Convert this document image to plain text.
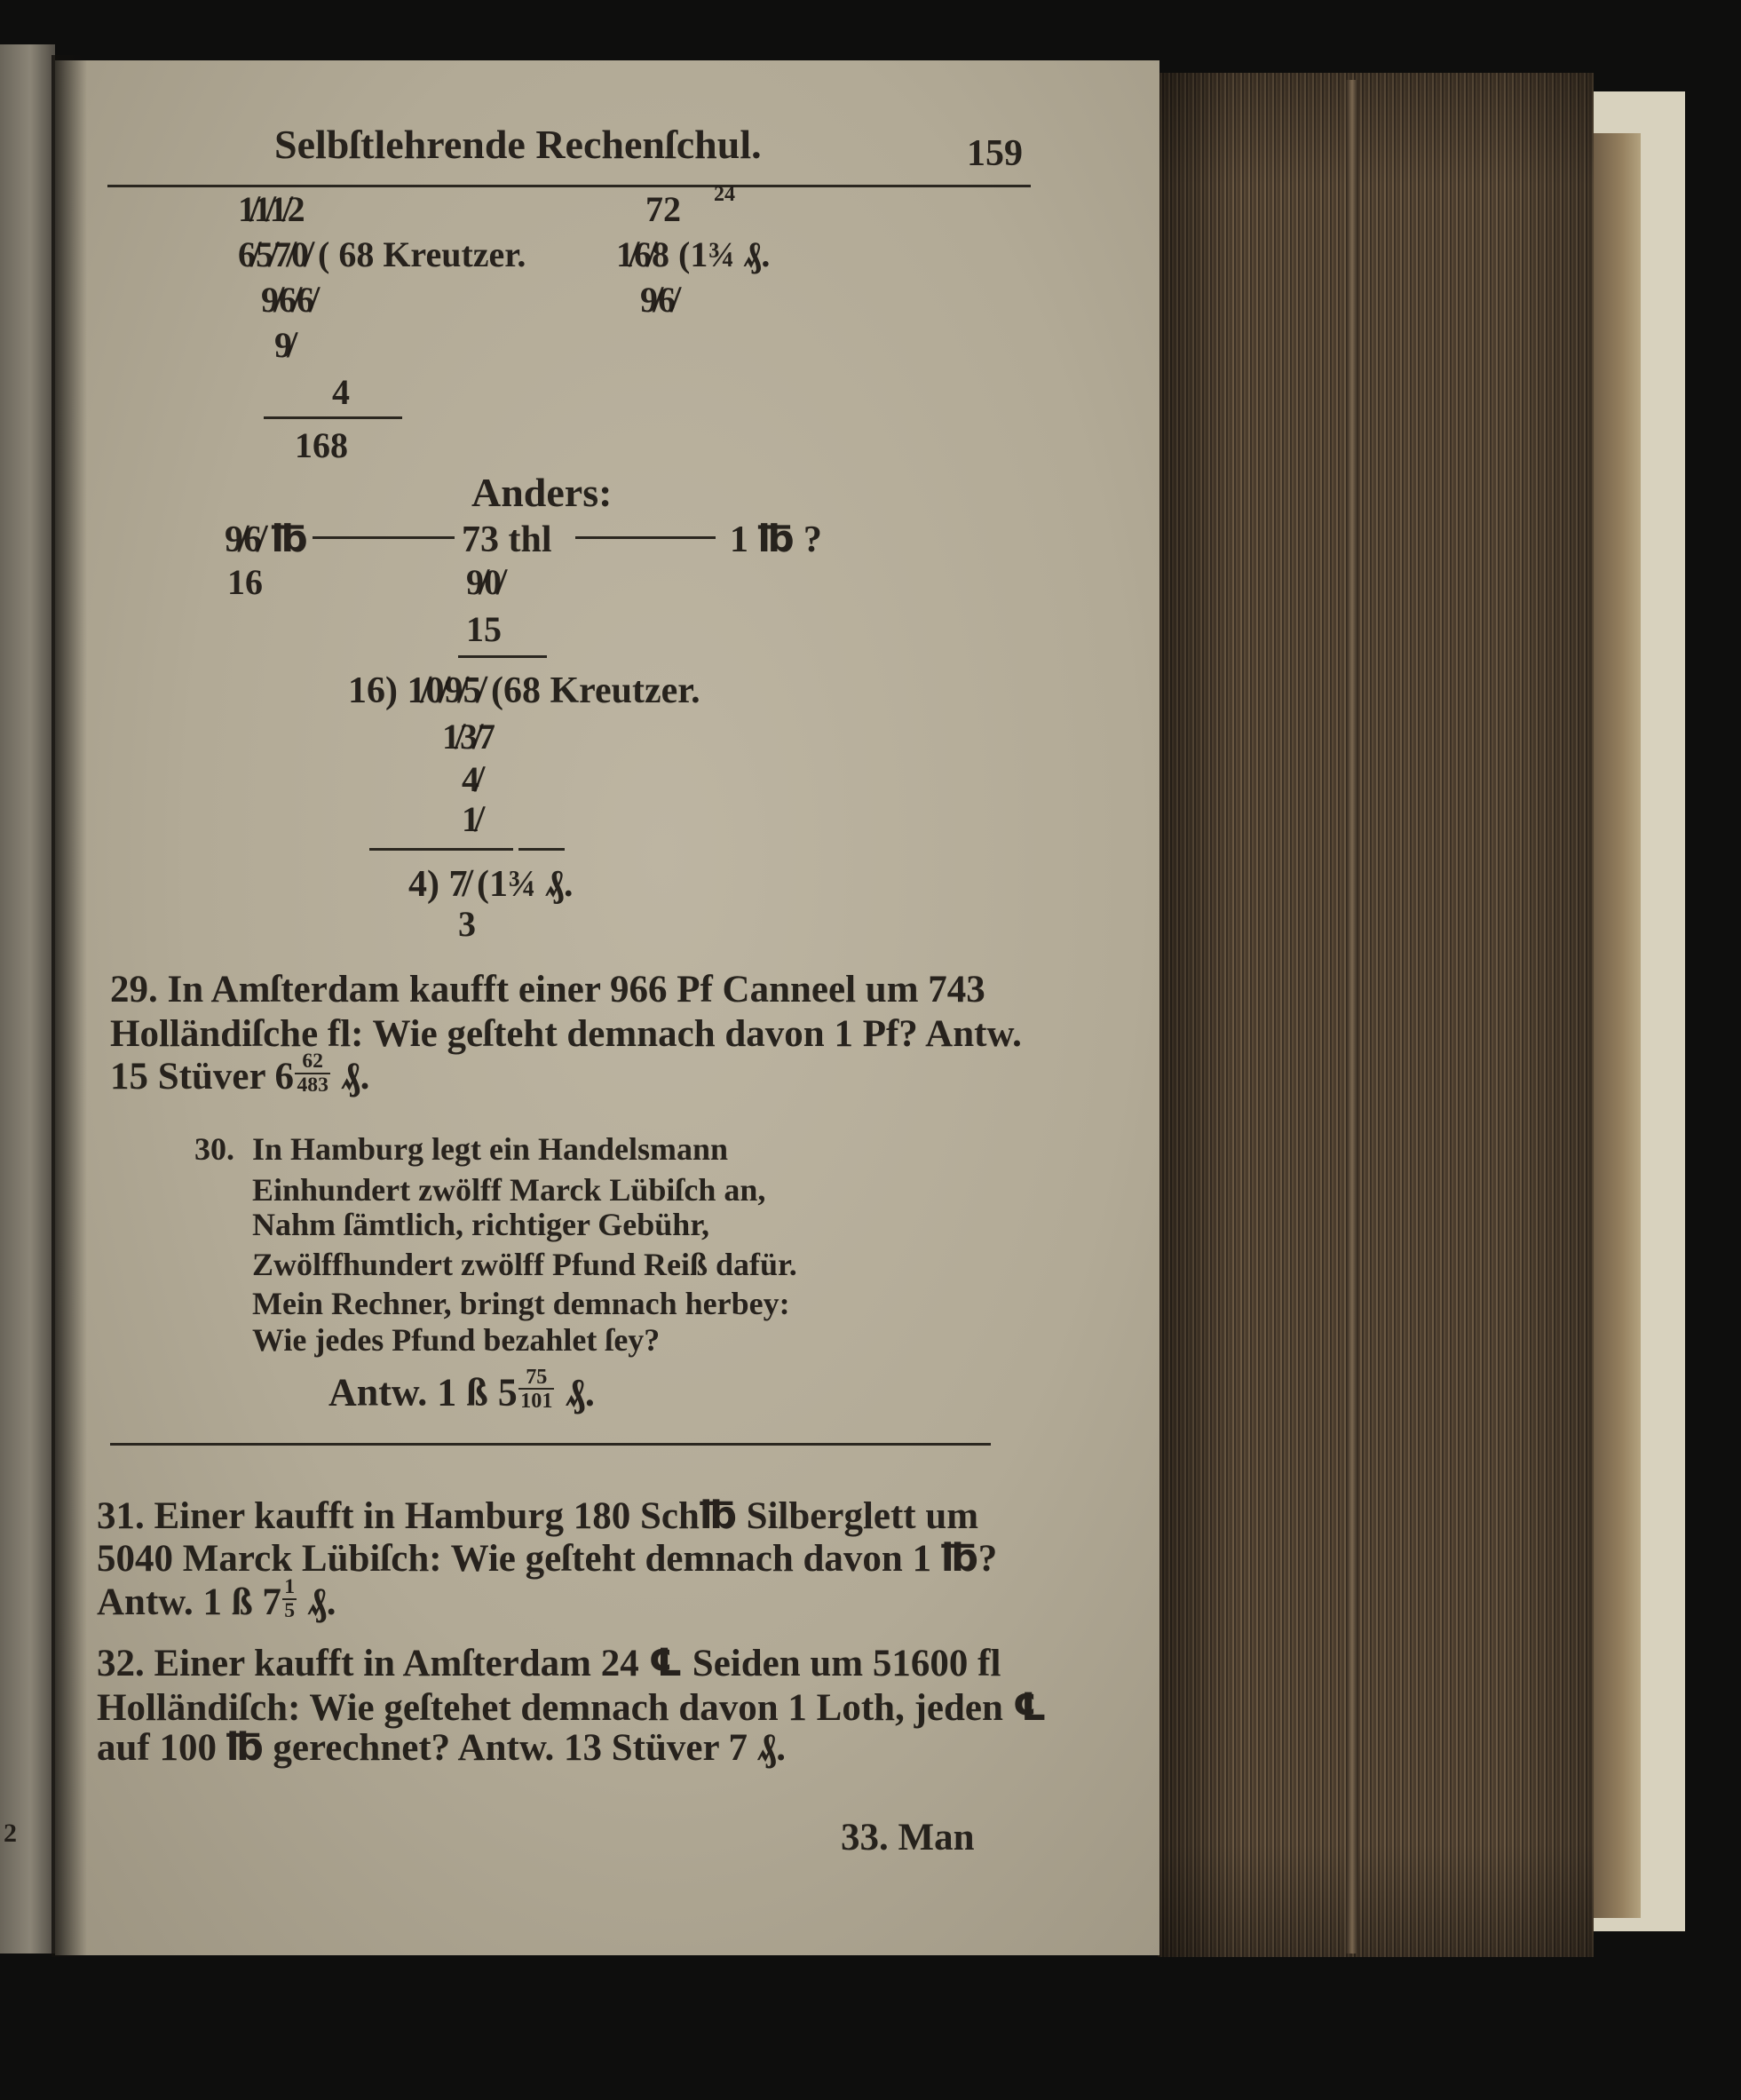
2
Selbſtlehrende Rechenſchul.	159
1̸1̸1̸2
6̸5̸7̸0̸ ( 68 Kreutzer.
9̸6̸6̸
9̸
4
168
72 24
1̸6̸8 (1¾ ₰.
9̸6̸
Anders:
9̸6̸ ℔	73 thl	1 ℔ ?
16	9̸0̸
15
16) 1̸0̸9̸5̸ (68 Kreutzer.
1̸3̸7
4̸
1̸
4) 7̸ (1¾ ₰.
3
29. In Amſterdam kaufft einer 966 Pf Canneel um 743
Holländiſche fl: Wie geſteht demnach davon 1 Pf? Antw.
15 Stüver $6 \frac{62}{483}$ ₰.
30. In Hamburg legt ein Handelsmann
Einhundert zwölff Marck Lübiſch an,
Nahm ſämtlich, richtiger Gebühr,
Zwölffhundert zwölff Pfund Reiß dafür.
Mein Rechner, bringt demnach herbey:
Wie jedes Pfund bezahlet ſey?
Antw. 1 ß $5 \frac{75}{101}$ ₰.
31. Einer kaufft in Hamburg 180 Sch℔ Silberglett um
5040 Marck Lübiſch: Wie geſteht demnach davon 1 ℔?
Antw. 1 ß $7 \frac{1}{5}$ ₰.
32. Einer kaufft in Amſterdam 24 ℄ Seiden um 51600 fl
Holländiſch: Wie geſtehet demnach davon 1 Loth, jeden ℄
auf 100 ℔ gerechnet? Antw. 13 Stüver 7 ₰.
33. Man
